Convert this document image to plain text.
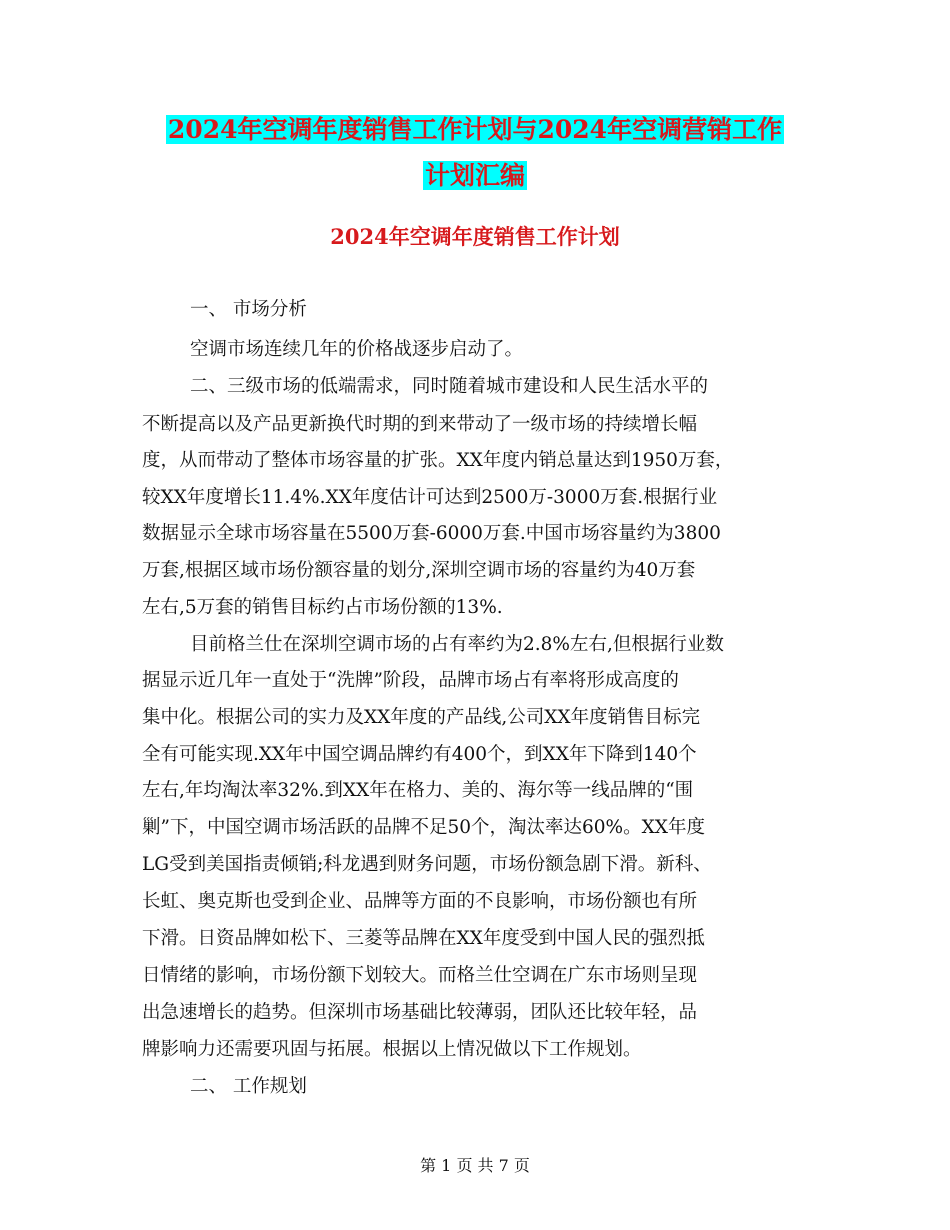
2024年空调年度销售工作计划与2024年空调营销工作
计划汇编
2024年空调年度销售工作计划

一、 市场分析

空调市场连续几年的价格战逐步启动了。

二、三级市场的低端需求，同时随着城市建设和人民生活水平的

不断提高以及产品更新换代时期的到来带动了一级市场的持续增长幅

度，从而带动了整体市场容量的扩张。XX年度内销总量达到1950万套，

较XX年度增长11.4%.XX年度估计可达到2500万-3000万套.根据行业

数据显示全球市场容量在5500万套-6000万套.中国市场容量约为3800

万套,根据区域市场份额容量的划分,深圳空调市场的容量约为40万套

左右,5万套的销售目标约占市场份额的13%.

目前格兰仕在深圳空调市场的占有率约为2.8%左右,但根据行业数

据显示近几年一直处于“洗牌”阶段，品牌市场占有率将形成高度的

集中化。根据公司的实力及XX年度的产品线,公司XX年度销售目标完

全有可能实现.XX年中国空调品牌约有400个，到XX年下降到140个

左右,年均淘汰率32%.到XX年在格力、美的、海尔等一线品牌的“围

剿”下，中国空调市场活跃的品牌不足50个，淘汰率达60%。XX年度

LG受到美国指责倾销;科龙遇到财务问题，市场份额急剧下滑。新科、

长虹、奥克斯也受到企业、品牌等方面的不良影响，市场份额也有所

下滑。日资品牌如松下、三菱等品牌在XX年度受到中国人民的强烈抵

日情绪的影响，市场份额下划较大。而格兰仕空调在广东市场则呈现

出急速增长的趋势。但深圳市场基础比较薄弱，团队还比较年轻，品

牌影响力还需要巩固与拓展。根据以上情况做以下工作规划。

二、 工作规划

第 1 页 共 7 页
